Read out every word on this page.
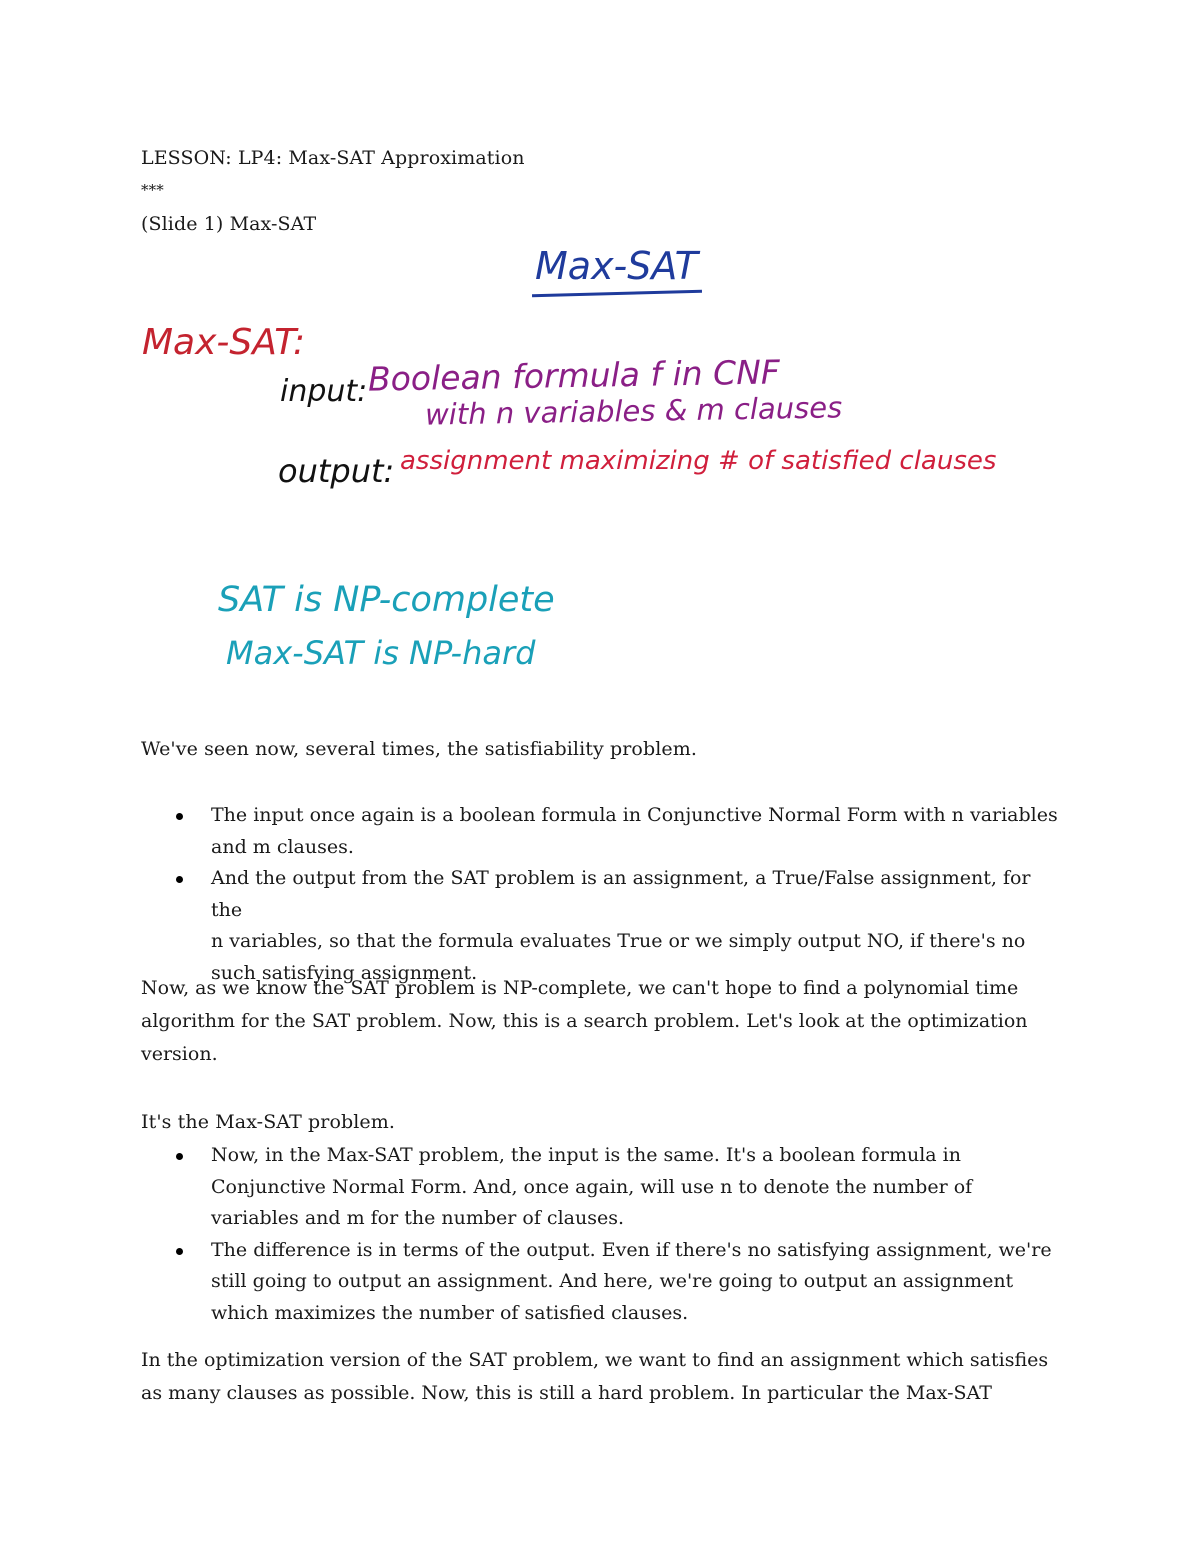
LESSON: LP4: Max-SAT Approximation
***
(Slide 1) Max-SAT
Max-SAT
Max-SAT:
input: Boolean formula f in CNF
with n variables & m clauses
output: assignment maximizing # of satisfied clauses
SAT is NP-complete
Max-SAT is NP-hard
We've seen now, several times, the satisfiability problem.
The input once again is a boolean formula in Conjunctive Normal Form with n variables
and m clauses.
And the output from the SAT problem is an assignment, a True/False assignment, for the
n variables, so that the formula evaluates True or we simply output NO, if there's no
such satisfying assignment.
Now, as we know the SAT problem is NP-complete, we can't hope to find a polynomial time
algorithm for the SAT problem. Now, this is a search problem. Let's look at the optimization
version.
It's the Max-SAT problem.
Now, in the Max-SAT problem, the input is the same. It's a boolean formula in
Conjunctive Normal Form. And, once again, will use n to denote the number of
variables and m for the number of clauses.
The difference is in terms of the output. Even if there's no satisfying assignment, we're
still going to output an assignment. And here, we're going to output an assignment
which maximizes the number of satisfied clauses.
In the optimization version of the SAT problem, we want to find an assignment which satisfies
as many clauses as possible. Now, this is still a hard problem. In particular the Max-SAT
